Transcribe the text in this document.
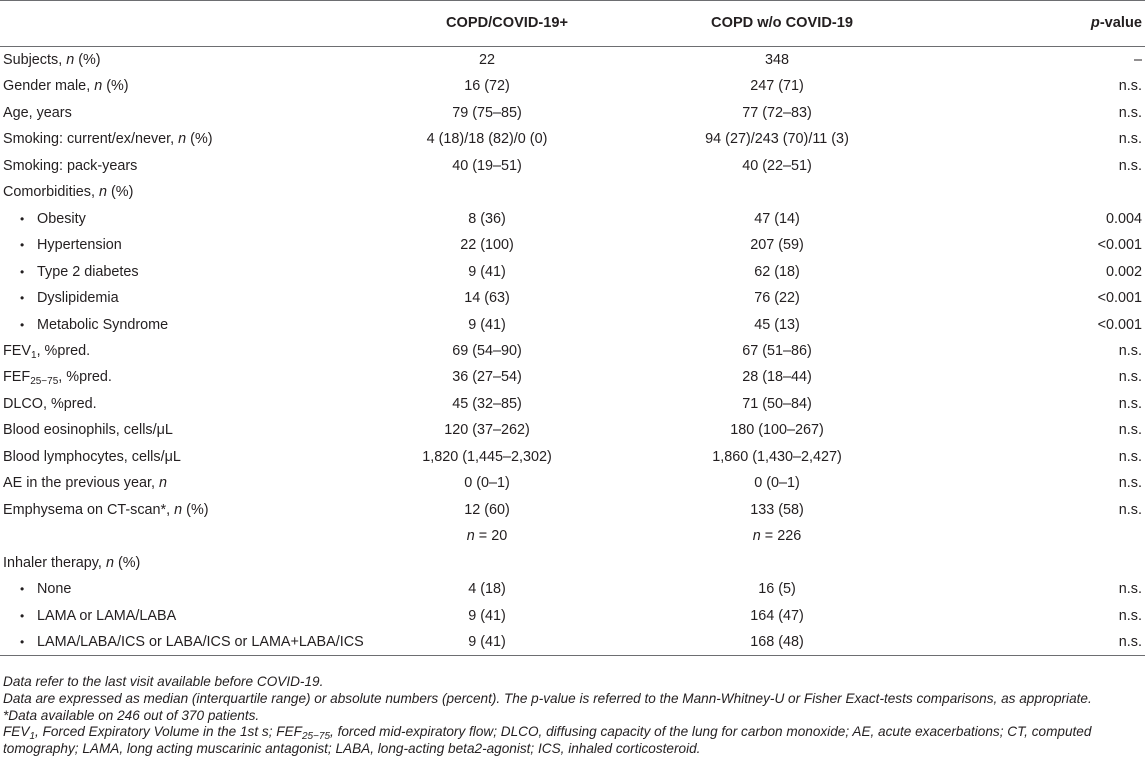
	COPD/COVID-19+	COPD w/o COVID-19	p-value
Subjects, n (%)	22	348	–
Gender male, n (%)	16 (72)	247 (71)	n.s.
Age, years	79 (75–85)	77 (72–83)	n.s.
Smoking: current/ex/never, n (%)	4 (18)/18 (82)/0 (0)	94 (27)/243 (70)/11 (3)	n.s.
Smoking: pack-years	40 (19–51)	40 (22–51)	n.s.
Comorbidities, n (%)			
• Obesity	8 (36)	47 (14)	0.004
• Hypertension	22 (100)	207 (59)	<0.001
• Type 2 diabetes	9 (41)	62 (18)	0.002
• Dyslipidemia	14 (63)	76 (22)	<0.001
• Metabolic Syndrome	9 (41)	45 (13)	<0.001
$FEV_1$, %pred.	69 (54–90)	67 (51–86)	n.s.
$FEF_{25-75}$, %pred.	36 (27–54)	28 (18–44)	n.s.
DLCO, %pred.	45 (32–85)	71 (50–84)	n.s.
Blood eosinophils, cells/μL	120 (37–262)	180 (100–267)	n.s.
Blood lymphocytes, cells/μL	1,820 (1,445–2,302)	1,860 (1,430–2,427)	n.s.
AE in the previous year, n	0 (0–1)	0 (0–1)	n.s.
Emphysema on CT-scan*, n (%)	12 (60)	133 (58)	n.s.
	n = 20	n = 226	
Inhaler therapy, n (%)			
• None	4 (18)	16 (5)	n.s.
• LAMA or LAMA/LABA	9 (41)	164 (47)	n.s.
• LAMA/LABA/ICS or LABA/ICS or LAMA+LABA/ICS	9 (41)	168 (48)	n.s.

Data refer to the last visit available before COVID-19.

Data are expressed as median (interquartile range) or absolute numbers (percent). The p-value is referred to the Mann-Whitney-U or Fisher Exact-tests comparisons, as appropriate.

*Data available on 246 out of 370 patients.

$FEV_1$, Forced Expiratory Volume in the 1st s; $FEF_{25-75}$, forced mid-expiratory flow; DLCO, diffusing capacity of the lung for carbon monoxide; AE, acute exacerbations; CT, computed

tomography; LAMA, long acting muscarinic antagonist; LABA, long-acting beta2-agonist; ICS, inhaled corticosteroid.
